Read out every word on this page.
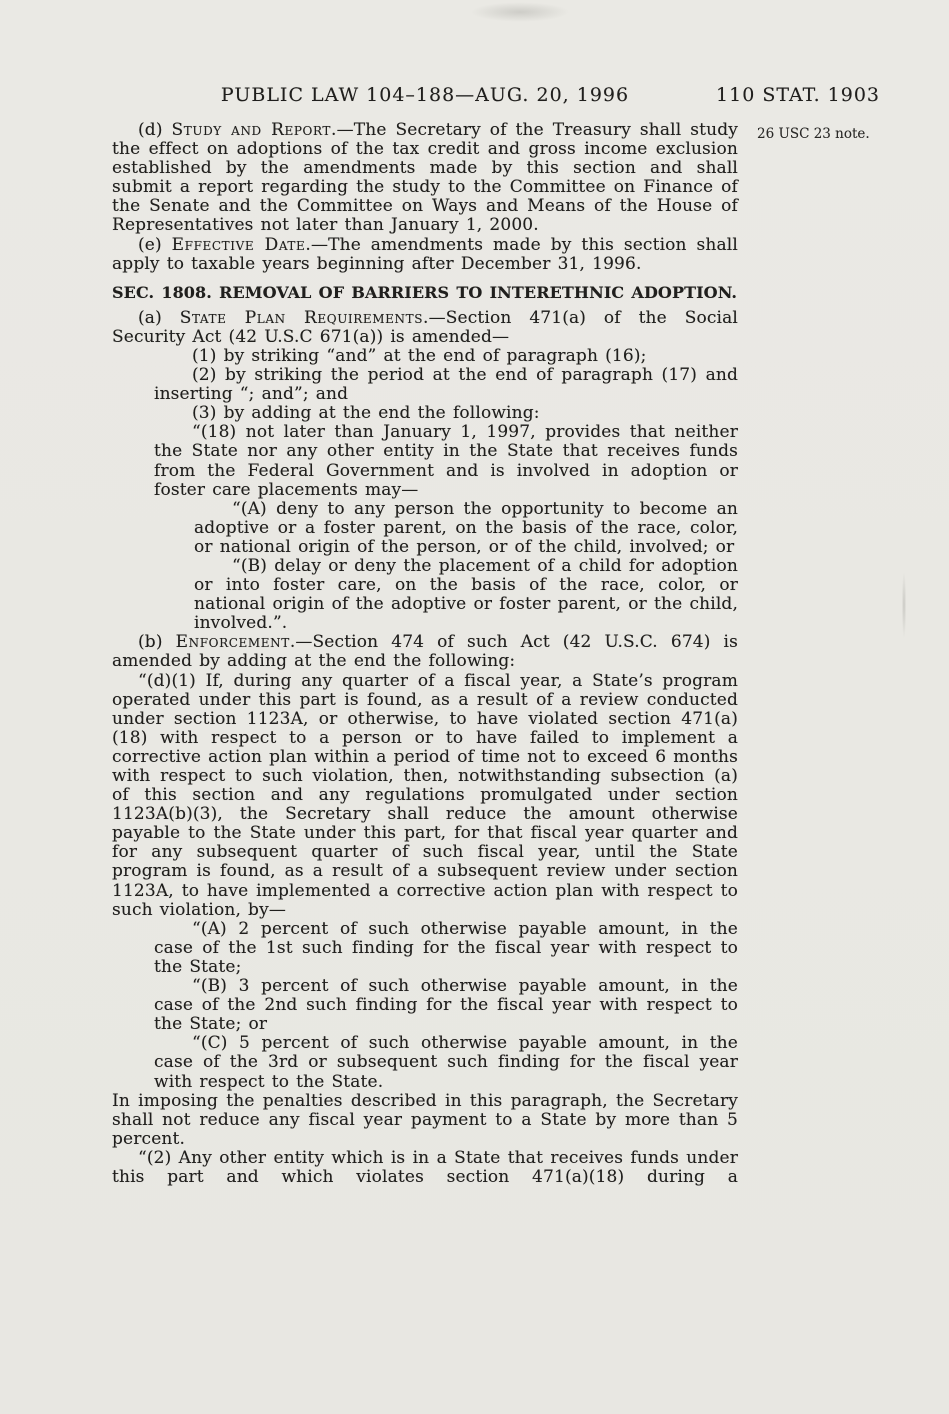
PUBLIC LAW 104–188—AUG. 20, 1996	110 STAT. 1903
26 USC 23 note.

(d) Study and Report.—The Secretary of the Treasury shall study the effect on adoptions of the tax credit and gross income exclusion established by the amendments made by this section and shall submit a report regarding the study to the Committee on Finance of the Senate and the Committee on Ways and Means of the House of Representatives not later than January 1, 2000.

(e) Effective Date.—The amendments made by this section shall apply to taxable years beginning after December 31, 1996.

SEC. 1808. REMOVAL OF BARRIERS TO INTERETHNIC ADOPTION.

(a) State Plan Requirements.—Section 471(a) of the Social Security Act (42 U.S.C 671(a)) is amended—

(1) by striking “and” at the end of paragraph (16);

(2) by striking the period at the end of paragraph (17) and inserting “; and”; and

(3) by adding at the end the following:

“(18) not later than January 1, 1997, provides that neither the State nor any other entity in the State that receives funds from the Federal Government and is involved in adoption or foster care placements may—

“(A) deny to any person the opportunity to become an adoptive or a foster parent, on the basis of the race, color, or national origin of the person, or of the child, involved; or

“(B) delay or deny the placement of a child for adoption or into foster care, on the basis of the race, color, or national origin of the adoptive or foster parent, or the child, involved.”.

(b) Enforcement.—Section 474 of such Act (42 U.S.C. 674) is amended by adding at the end the following:

“(d)(1) If, during any quarter of a fiscal year, a State’s program operated under this part is found, as a result of a review conducted under section 1123A, or otherwise, to have violated section 471(a)(18) with respect to a person or to have failed to implement a corrective action plan within a period of time not to exceed 6 months with respect to such violation, then, notwithstanding subsection (a) of this section and any regulations promulgated under section 1123A(b)(3), the Secretary shall reduce the amount otherwise payable to the State under this part, for that fiscal year quarter and for any subsequent quarter of such fiscal year, until the State program is found, as a result of a subsequent review under section 1123A, to have implemented a corrective action plan with respect to such violation, by—

“(A) 2 percent of such otherwise payable amount, in the case of the 1st such finding for the fiscal year with respect to the State;

“(B) 3 percent of such otherwise payable amount, in the case of the 2nd such finding for the fiscal year with respect to the State; or

“(C) 5 percent of such otherwise payable amount, in the case of the 3rd or subsequent such finding for the fiscal year with respect to the State.

In imposing the penalties described in this paragraph, the Secretary shall not reduce any fiscal year payment to a State by more than 5 percent.

“(2) Any other entity which is in a State that receives funds under this part and which violates section 471(a)(18) during a
